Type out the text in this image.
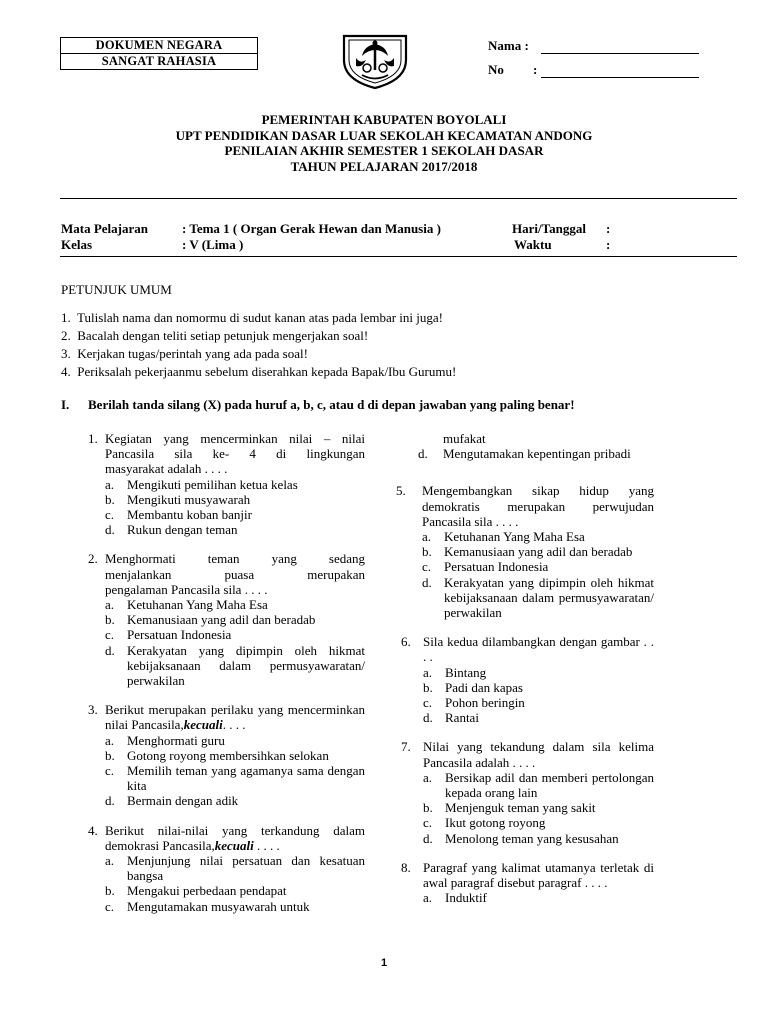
DOKUMEN NEGARA
SANGAT RAHASIA
Nama :
No :
PEMERINTAH KABUPATEN BOYOLALI
UPT PENDIDIKAN DASAR LUAR SEKOLAH KECAMATAN ANDONG
PENILAIAN AKHIR SEMESTER 1 SEKOLAH DASAR
TAHUN PELAJARAN 2017/2018
Mata Pelajaran	: Tema 1 ( Organ Gerak Hewan dan Manusia )	Hari/Tanggal :
Kelas	: V (Lima )	Waktu	:
PETUNJUK UMUM
1. Tulislah nama dan nomormu di sudut kanan atas pada lembar ini juga!
2. Bacalah dengan teliti setiap petunjuk mengerjakan soal!
3. Kerjakan tugas/perintah yang ada pada soal!
4. Periksalah pekerjaanmu sebelum diserahkan kepada Bapak/Ibu Gurumu!
I. Berilah tanda silang (X) pada huruf a, b, c, atau d di depan jawaban yang paling benar!
1. Kegiatan yang mencerminkan nilai – nilai
Pancasila sila ke- 4 di lingkungan
masyarakat adalah . . . .
a. Mengikuti pemilihan ketua kelas
b. Mengikuti musyawarah
c. Membantu koban banjir
d. Rukun dengan teman
2. Menghormati teman yang sedang
menjalankan puasa merupakan
pengalaman Pancasila sila . . . .
a. Ketuhanan Yang Maha Esa
b. Kemanusiaan yang adil dan beradab
c. Persatuan Indonesia
d. Kerakyatan yang dipimpin oleh hikmat kebijaksanaan dalam permusyawaratan/ perwakilan
3. Berikut merupakan perilaku yang mencerminkan nilai Pancasila,kecuali. . . .
a. Menghormati guru
b. Gotong royong membersihkan selokan
c. Memilih teman yang agamanya sama dengan kita
d. Bermain dengan adik
4. Berikut nilai-nilai yang terkandung dalam demokrasi Pancasila,kecuali . . . .
a. Menjunjung nilai persatuan dan kesatuan bangsa
b. Mengakui perbedaan pendapat
c. Mengutamakan musyawarah untuk
mufakat
d. Mengutamakan kepentingan pribadi
5. Mengembangkan sikap hidup yang demokratis merupakan perwujudan Pancasila sila . . . .
a. Ketuhanan Yang Maha Esa
b. Kemanusiaan yang adil dan beradab
c. Persatuan Indonesia
d. Kerakyatan yang dipimpin oleh hikmat kebijaksanaan dalam permusyawaratan/ perwakilan
6. Sila kedua dilambangkan dengan gambar . . . .
a. Bintang
b. Padi dan kapas
c. Pohon beringin
d. Rantai
7. Nilai yang tekandung dalam sila kelima Pancasila adalah . . . .
a. Bersikap adil dan memberi pertolongan kepada orang lain
b. Menjenguk teman yang sakit
c. Ikut gotong royong
d. Menolong teman yang kesusahan
8. Paragraf yang kalimat utamanya terletak di awal paragraf disebut paragraf . . . .
a. Induktif
1
